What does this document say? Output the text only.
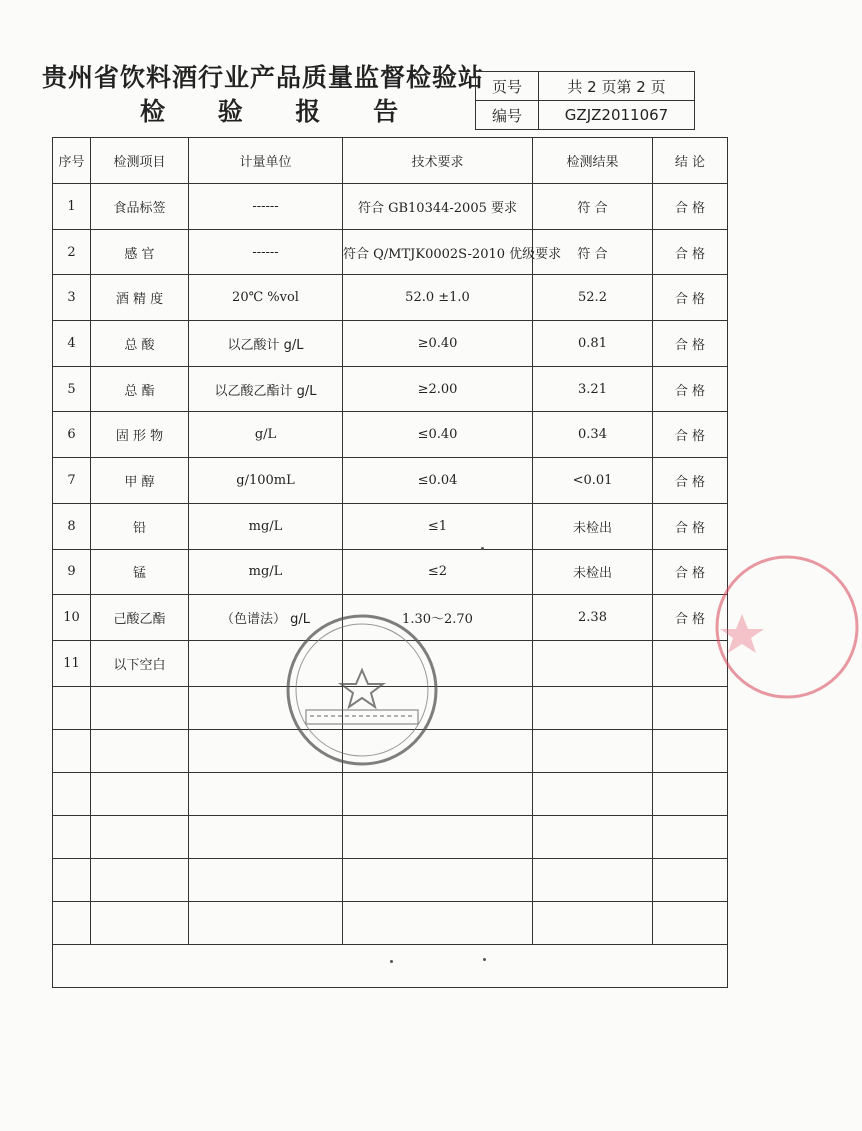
贵州省饮料酒行业产品质量监督检验站
检 验 报 告
页号	共 2 页第 2 页
编号	GZJZ2011067
序号	检测项目	计量单位	技术要求	检测结果	结 论
1	食品标签	------	符合 GB10344-2005 要求	符 合	合 格
2	感 官	------	符合 Q/MTJK0002S-2010 优级要求	符 合	合 格
3	酒 精 度	20℃ %vol	52.0 ±1.0	52.2	合 格
4	总 酸	以乙酸计 g/L	≥0.40	0.81	合 格
5	总 酯	以乙酸乙酯计 g/L	≥2.00	3.21	合 格
6	固 形 物	g/L	≤0.40	0.34	合 格
7	甲 醇	g/100mL	≤0.04	<0.01	合 格
8	铅	mg/L	≤1	未检出	合 格
9	锰	mg/L	≤2	未检出	合 格
10	己酸乙酯	（色谱法） g/L	1.30～2.70	2.38	合 格
11	以下空白				
